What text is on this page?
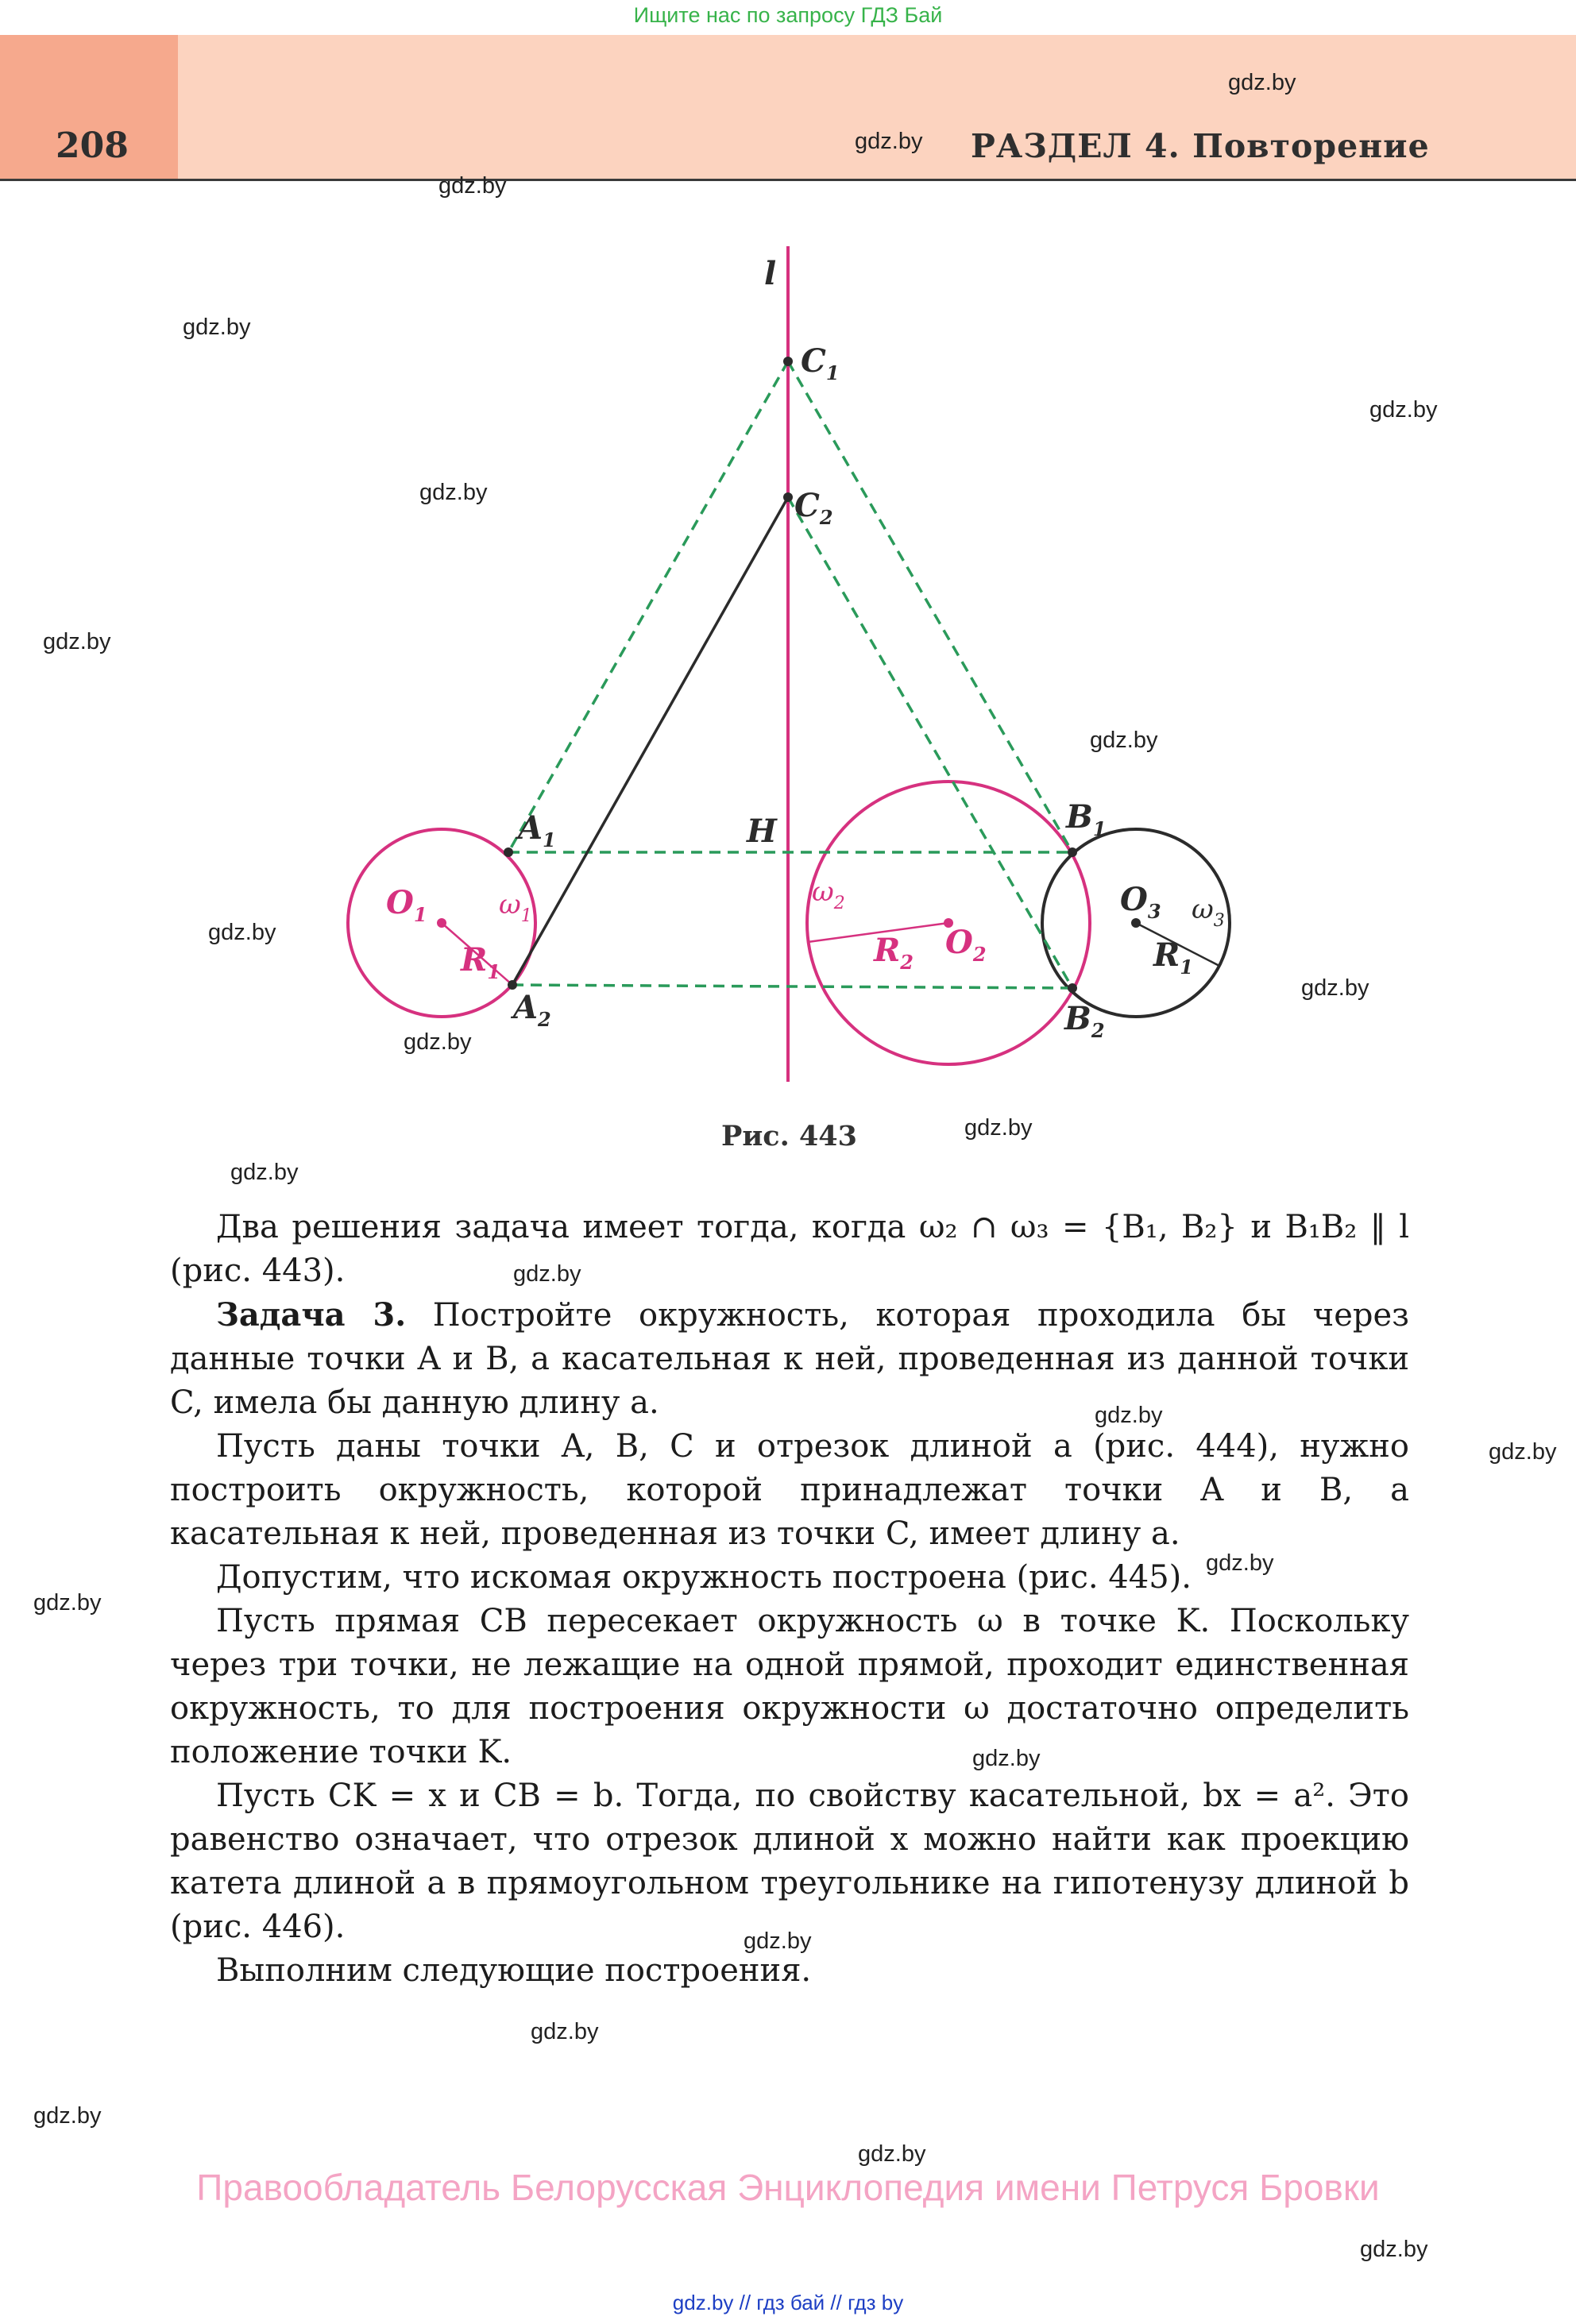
Ищите нас по запросу ГДЗ Бай
208	РАЗДЕЛ 4. Повторение
gdz.by
gdz.by
gdz.by
gdz.by
gdz.by
gdz.by
gdz.by
gdz.by
gdz.by
gdz.by
gdz.by
gdz.by
gdz.by
gdz.by
gdz.by
gdz.by
gdz.by
gdz.by
gdz.by
gdz.by
gdz.by
gdz.by
gdz.by
gdz.by
l
$C_1$
$C_2$
H
$A_1$
$A_2$
$B_1$
$B_2$
$O_3$
$R_1$
$\omega_3$
$O_1$
$R_1$
$O_2$
$R_2$
$\omega_1$
$\omega_2$
Рис. 443

Два решения задача имеет тогда, когда ω₂ ∩ ω₃ = {B₁, B₂} и B₁B₂ ‖ l (рис. 443).

Задача 3. Постройте окружность, которая проходила бы через данные точки A и B, а касательная к ней, проведенная из данной точки C, имела бы данную длину a.

Пусть даны точки A, B, C и отрезок длиной a (рис. 444), нужно построить окружность, которой принадлежат точки A и B, а касательная к ней, проведенная из точки C, имеет длину a.

Допустим, что искомая окружность построена (рис. 445).

Пусть прямая CB пересекает окружность ω в точке K. Поскольку через три точки, не лежащие на одной прямой, проходит единственная окружность, то для построения окружности ω достаточно определить положение точки K.

Пусть CK = x и CB = b. Тогда, по свойству касательной, bx = a². Это равенство означает, что отрезок длиной x можно найти как проекцию катета длиной a в прямоугольном треугольнике на гипотенузу длиной b (рис. 446).

Выполним следующие построения.

Правообладатель Белорусская Энциклопедия имени Петруся Бровки
gdz.by // гдз бай // гдз by
